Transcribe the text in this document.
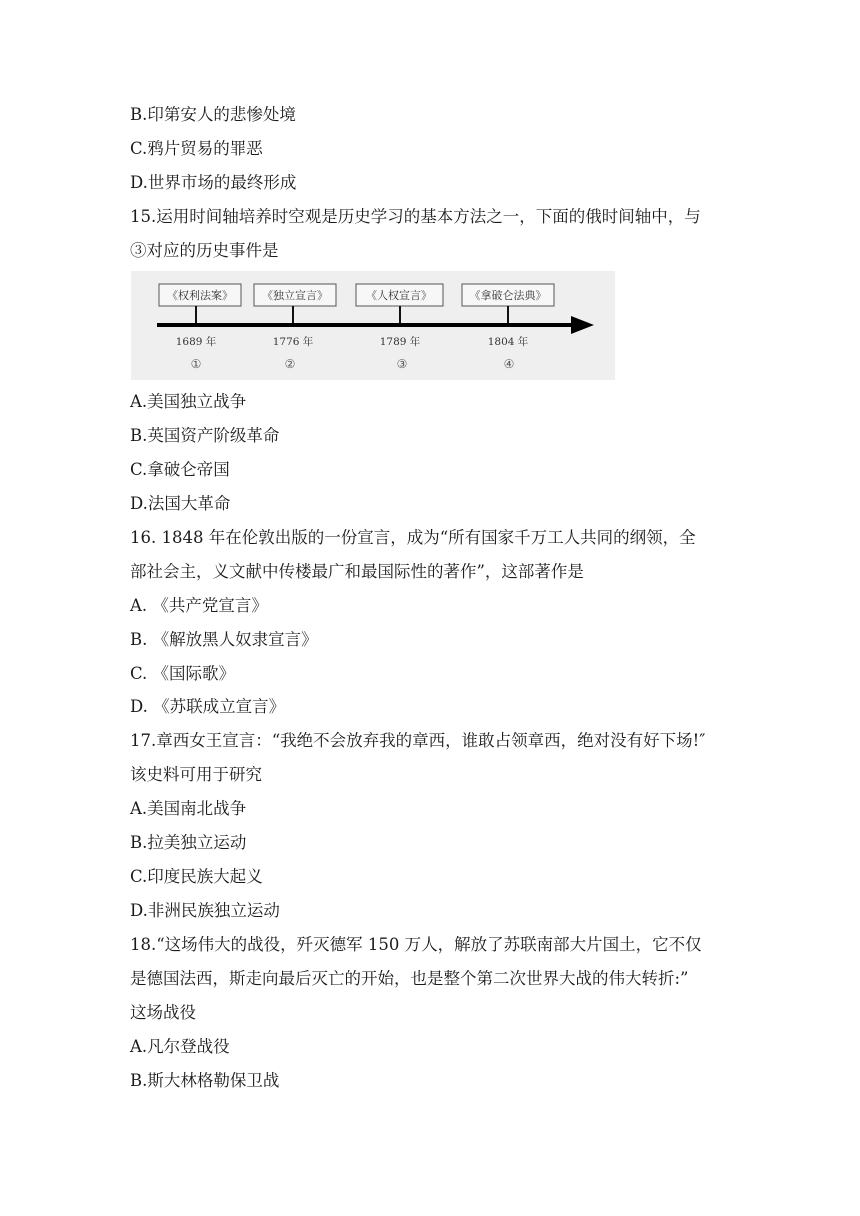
B.印第安人的悲惨处境
C.鸦片贸易的罪恶
D.世界市场的最终形成
15.运用时间轴培养时空观是历史学习的基本方法之一，下面的俄时间轴中，与
③对应的历史事件是
《权利法案》	《独立宣言》	《人权宣言》	《拿破仑法典》
1689 年	1776 年	1789 年	1804 年
①	②	③	④
A.美国独立战争
B.英国资产阶级革命
C.拿破仑帝国
D.法国大革命
16. 1848 年在伦敦出版的一份宣言，成为“所有国家千万工人共同的纲领，全
部社会主，义文献中传楼最广和最国际性的著作”，这部著作是
A. 《共产党宣言》
B. 《解放黑人奴隶宣言》
C. 《国际歌》
D. 《苏联成立宣言》
17.章西女王宣言：“我绝不会放弃我的章西，谁敢占领章西，绝对没有好下场!″
该史料可用于研究
A.美国南北战争
B.拉美独立运动
C.印度民族大起义
D.非洲民族独立运动
18.“这场伟大的战役，歼灭德军 150 万人，解放了苏联南部大片国土，它不仅
是德国法西，斯走向最后灭亡的开始，也是整个第二次世界大战的伟大转折:”
这场战役
A.凡尔登战役
B.斯大林格勒保卫战
